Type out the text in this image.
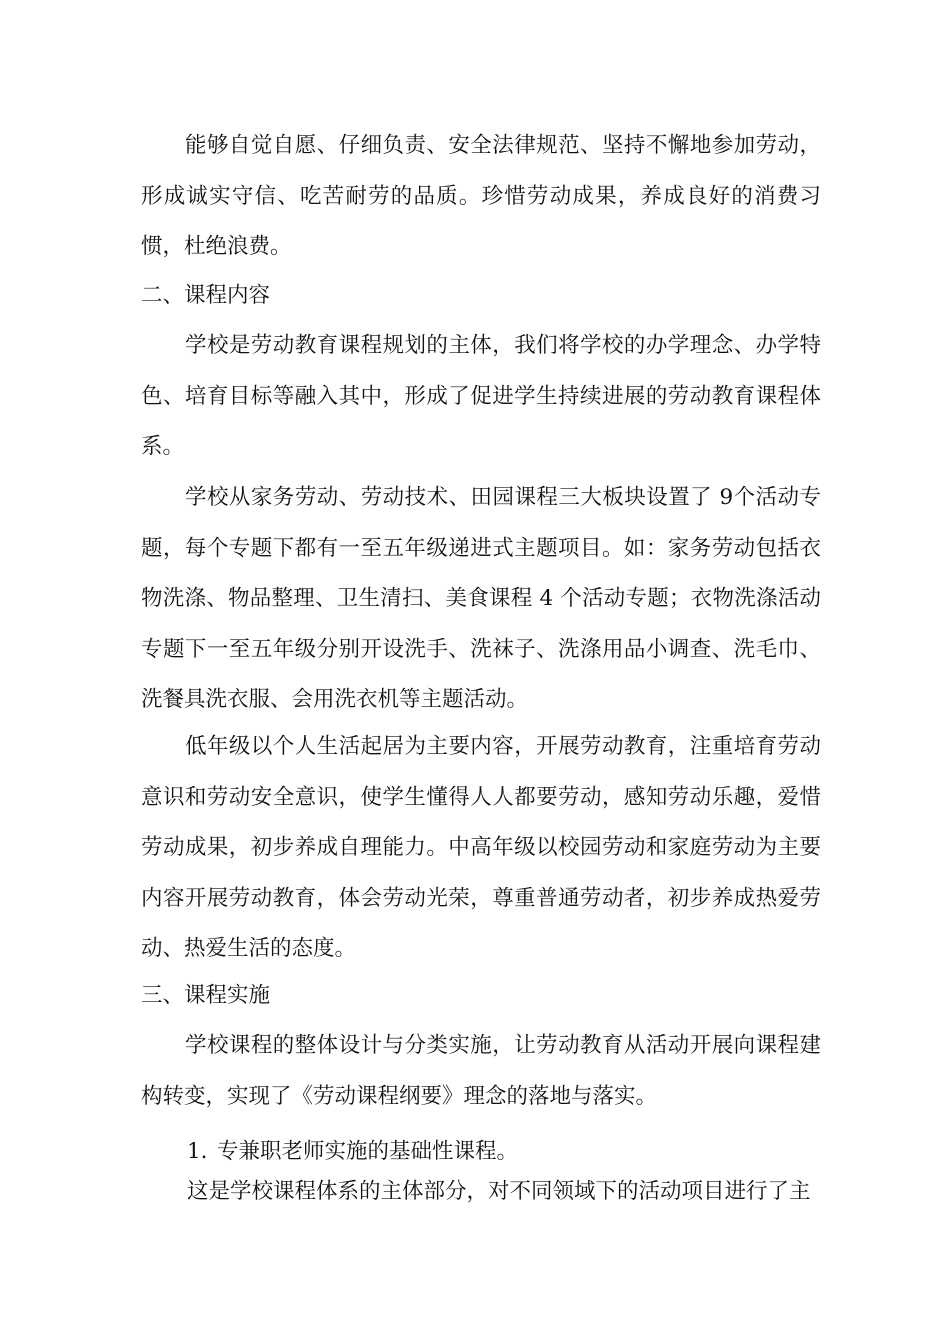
能够自觉自愿、仔细负责、安全法律规范、坚持不懈地参加劳动，形成诚实守信、吃苦耐劳的品质。珍惜劳动成果，养成良好的消费习惯，杜绝浪费。

二、课程内容

学校是劳动教育课程规划的主体，我们将学校的办学理念、办学特色、培育目标等融入其中，形成了促进学生持续进展的劳动教育课程体系。

学校从家务劳动、劳动技术、田园课程三大板块设置了 9个活动专题，每个专题下都有一至五年级递进式主题项目。如：家务劳动包括衣物洗涤、物品整理、卫生清扫、美食课程 4 个活动专题；衣物洗涤活动专题下一至五年级分别开设洗手、洗袜子、洗涤用品小调查、洗毛巾、洗餐具洗衣服、会用洗衣机等主题活动。

低年级以个人生活起居为主要内容，开展劳动教育，注重培育劳动意识和劳动安全意识，使学生懂得人人都要劳动，感知劳动乐趣，爱惜劳动成果，初步养成自理能力。中高年级以校园劳动和家庭劳动为主要内容开展劳动教育，体会劳动光荣，尊重普通劳动者，初步养成热爱劳动、热爱生活的态度。

三、课程实施

学校课程的整体设计与分类实施，让劳动教育从活动开展向课程建构转变，实现了《劳动课程纲要》理念的落地与落实。

1. 专兼职老师实施的基础性课程。

这是学校课程体系的主体部分，对不同领域下的活动项目进行了主
